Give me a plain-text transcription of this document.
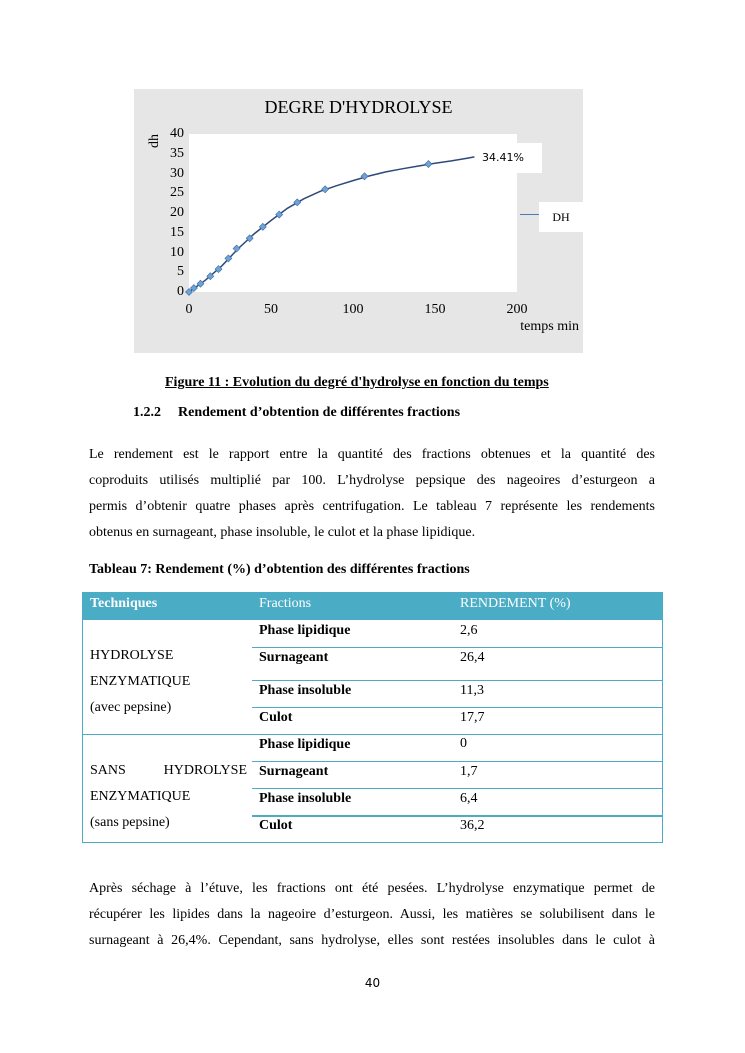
DEGRE D'HYDROLYSE
dh
temps min
0
5
10
15
20
25
30
35
40
0	50	100	150	200
34.41%
DH
Figure 11 : Evolution du degré d'hydrolyse en fonction du temps
1.2.2 Rendement d’obtention de différentes fractions
Le rendement est le rapport entre la quantité des fractions obtenues et la quantité des
coproduits utilisés multiplié par 100. L’hydrolyse pepsique des nageoires d’esturgeon a
permis d’obtenir quatre phases après centrifugation. Le tableau 7 représente les rendements
obtenus en surnageant, phase insoluble, le culot et la phase lipidique.
Tableau 7: Rendement (%) d’obtention des différentes fractions
Techniques	Fractions	RENDEMENT (%)
HYDROLYSE
ENZYMATIQUE
(avec pepsine)
Phase lipidique	2,6
Surnageant	26,4
Phase insoluble	11,3
Culot	17,7
SANS HYDROLYSE
ENZYMATIQUE
(sans pepsine)
Phase lipidique	0
Surnageant	1,7
Phase insoluble	6,4
Culot	36,2
Après séchage à l’étuve, les fractions ont été pesées. L’hydrolyse enzymatique permet de
récupérer les lipides dans la nageoire d’esturgeon. Aussi, les matières se solubilisent dans le
surnageant à 26,4%. Cependant, sans hydrolyse, elles sont restées insolubles dans le culot à
40
